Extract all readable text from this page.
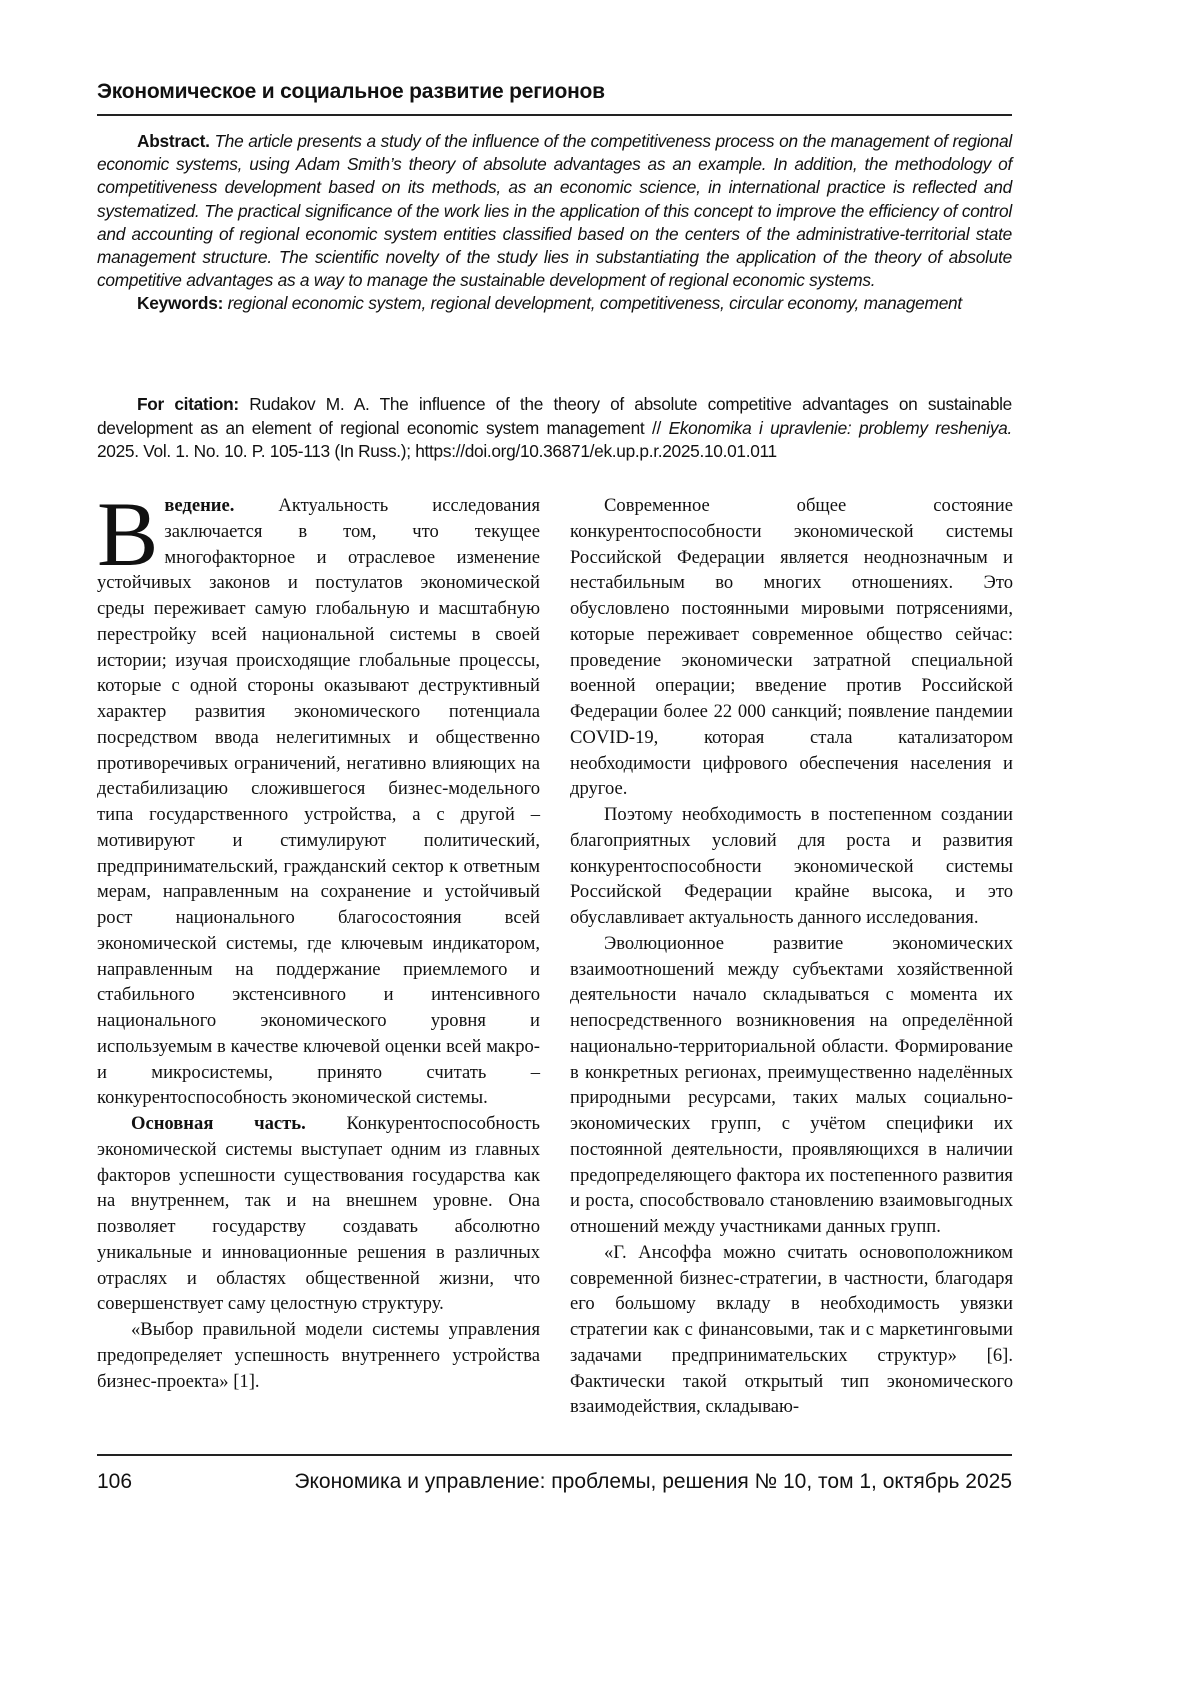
Экономическое и социальное развитие регионов

Abstract. The article presents a study of the influence of the competitiveness process on the management of regional economic systems, using Adam Smith’s theory of absolute advantages as an example. In addition, the methodology of competitiveness development based on its methods, as an economic science, in international practice is reflected and systematized. The practical significance of the work lies in the application of this concept to improve the efficiency of control and accounting of regional economic system entities classified based on the centers of the administrative-territorial state management structure. The scientific novelty of the study lies in substantiating the application of the theory of absolute competitive advantages as a way to manage the sustainable development of regional economic systems.

Keywords: regional economic system, regional development, competitiveness, circular economy, management

For citation: Rudakov M. A. The influence of the theory of absolute competitive advantages on sustainable development as an element of regional economic system management // Ekonomika i upravlenie: problemy resheniya. 2025. Vol. 1. No. 10. P. 105-113 (In Russ.); https://doi.org/10.36871/ek.up.p.r.2025.10.01.011

В ведение. Актуальность исследования заключается в том, что текущее многофакторное и отраслевое изменение устойчивых законов и постулатов экономической среды переживает самую глобальную и масштабную перестройку всей национальной системы в своей истории; изучая происходящие глобальные процессы, которые с одной стороны оказывают деструктивный характер развития экономического потенциала посредством ввода нелегитимных и общественно противоречивых ограничений, негативно влияющих на дестабилизацию сложившегося бизнес-модельного типа государственного устройства, а с другой – мотивируют и стимулируют политический, предпринимательский, гражданский сектор к ответным мерам, направленным на сохранение и устойчивый рост национального благосостояния всей экономической системы, где ключевым индикатором, направленным на поддержание приемлемого и стабильного экстенсивного и интенсивного национального экономического уровня и используемым в качестве ключевой оценки всей макро- и микросистемы, принято считать – конкурентоспособность экономической системы.

Основная часть. Конкурентоспособность экономической системы выступает одним из главных факторов успешности существования государства как на внутреннем, так и на внешнем уровне. Она позволяет государству создавать абсолютно уникальные и инновационные решения в различных отраслях и областях общественной жизни, что совершенствует саму целостную структуру.

«Выбор правильной модели системы управления предопределяет успешность внутреннего устройства бизнес-проекта» [1].

Современное общее состояние конкурентоспособности экономической системы Российской Федерации является неоднозначным и нестабильным во многих отношениях. Это обусловлено постоянными мировыми потрясениями, которые переживает современное общество сейчас: проведение экономически затратной специальной военной операции; введение против Российской Федерации более 22 000 санкций; появление пандемии COVID-19, которая стала катализатором необходимости цифрового обеспечения населения и другое.

Поэтому необходимость в постепенном создании благоприятных условий для роста и развития конкурентоспособности экономической системы Российской Федерации крайне высока, и это обуславливает актуальность данного исследования.

Эволюционное развитие экономических взаимоотношений между субъектами хозяйственной деятельности начало складываться с момента их непосредственного возникновения на определённой национально-территориальной области. Формирование в конкретных регионах, преимущественно наделённых природными ресурсами, таких малых социально-экономических групп, с учётом специфики их постоянной деятельности, проявляющихся в наличии предопределяющего фактора их постепенного развития и роста, способствовало становлению взаимовыгодных отношений между участниками данных групп.

«Г. Ансоффа можно считать основоположником современной бизнес-стратегии, в частности, благодаря его большому вкладу в необходимость увязки стратегии как с финансовыми, так и с маркетинговыми задачами предпринимательских структур» [6]. Фактически такой открытый тип экономического взаимодействия, складываю-

106	Экономика и управление: проблемы, решения № 10, том 1, октябрь 2025
